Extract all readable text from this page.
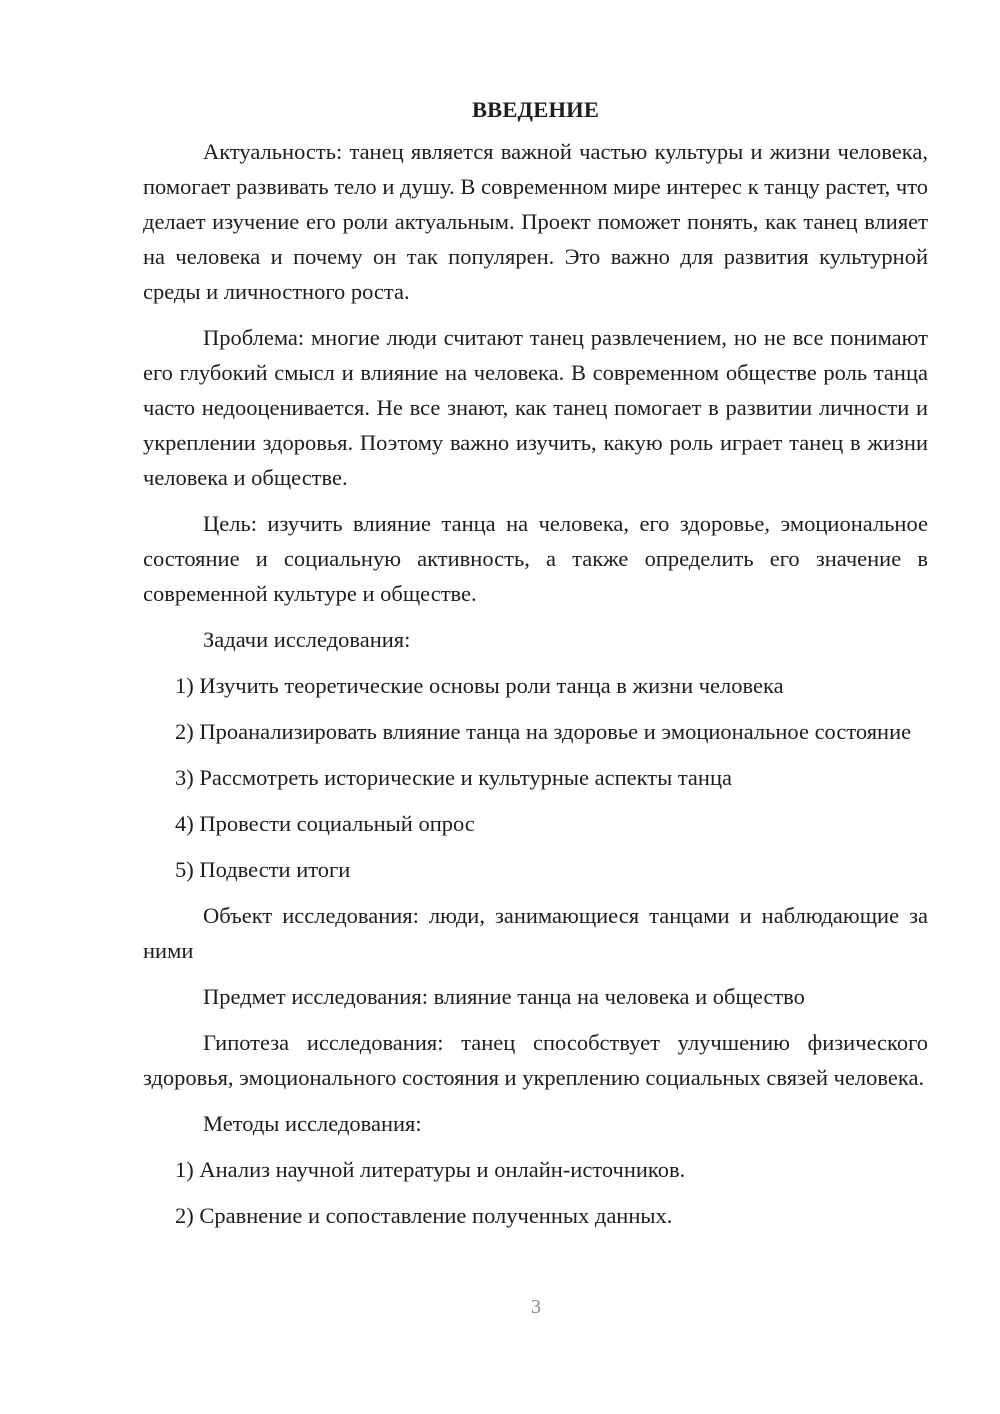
ВВЕДЕНИЕ

Актуальность: танец является важной частью культуры и жизни человека, помогает развивать тело и душу. В современном мире интерес к танцу растет, что делает изучение его роли актуальным. Проект поможет понять, как танец влияет на человека и почему он так популярен. Это важно для развития культурной среды и личностного роста.

Проблема: многие люди считают танец развлечением, но не все понимают его глубокий смысл и влияние на человека. В современном обществе роль танца часто недооценивается. Не все знают, как танец помогает в развитии личности и укреплении здоровья. Поэтому важно изучить, какую роль играет танец в жизни человека и обществе.

Цель: изучить влияние танца на человека, его здоровье, эмоциональное состояние и социальную активность, а также определить его значение в современной культуре и обществе.

Задачи исследования:

1) Изучить теоретические основы роли танца в жизни человека

2) Проанализировать влияние танца на здоровье и эмоциональное состояние

3) Рассмотреть исторические и культурные аспекты танца

4) Провести социальный опрос

5) Подвести итоги

Объект исследования: люди, занимающиеся танцами и наблюдающие за ними

Предмет исследования: влияние танца на человека и общество

Гипотеза исследования: танец способствует улучшению физического здоровья, эмоционального состояния и укреплению социальных связей человека.

Методы исследования:

1) Анализ научной литературы и онлайн-источников.

2) Сравнение и сопоставление полученных данных.

3
